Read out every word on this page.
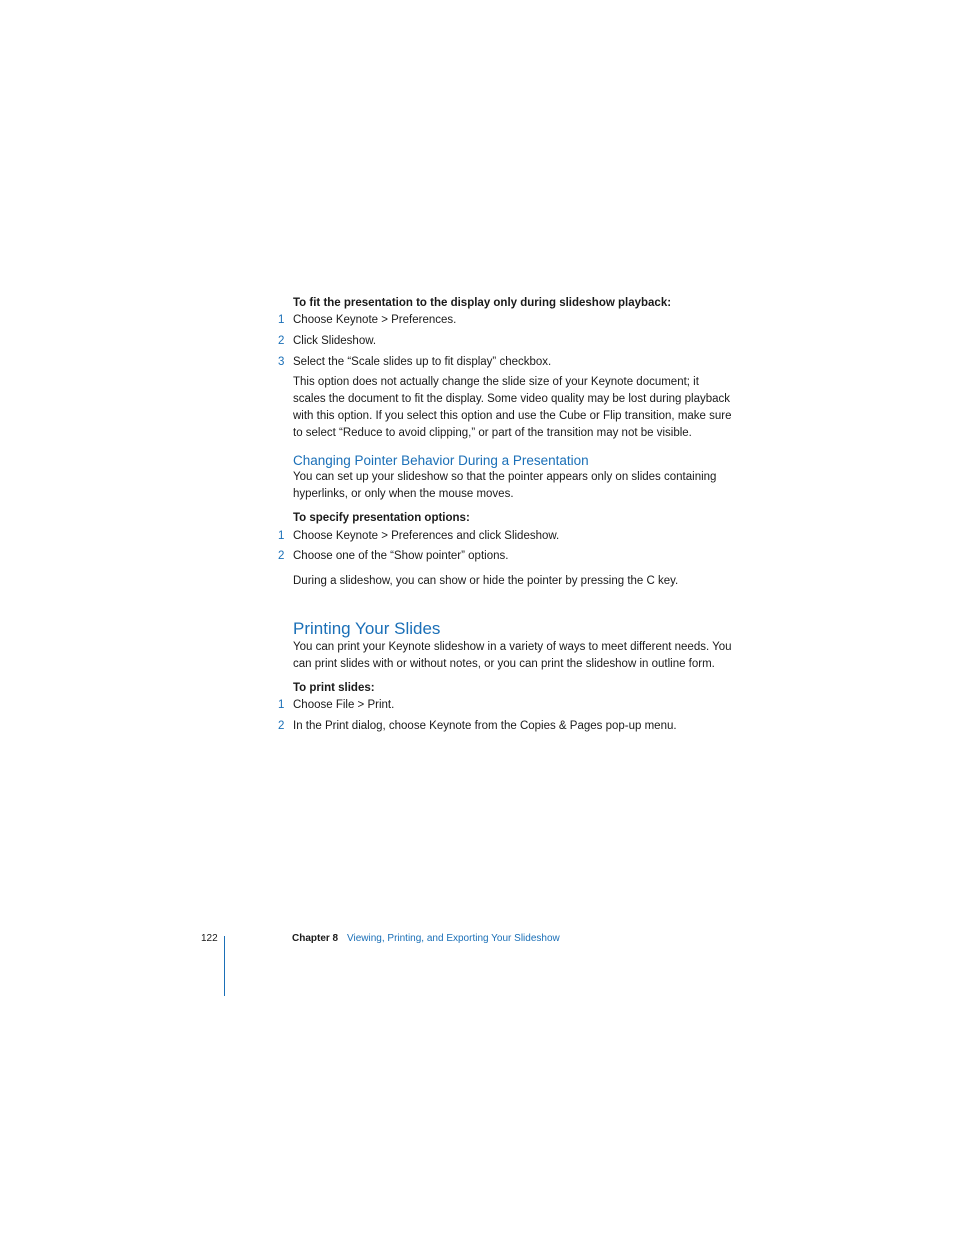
To fit the presentation to the display only during slideshow playback:

1 Choose Keynote > Preferences.

2 Click Slideshow.

3 Select the “Scale slides up to fit display” checkbox.

This option does not actually change the slide size of your Keynote document; it scales the document to fit the display. Some video quality may be lost during playback with this option. If you select this option and use the Cube or Flip transition, make sure to select “Reduce to avoid clipping,” or part of the transition may not be visible.

Changing Pointer Behavior During a Presentation

You can set up your slideshow so that the pointer appears only on slides containing hyperlinks, or only when the mouse moves.

To specify presentation options:

1 Choose Keynote > Preferences and click Slideshow.

2 Choose one of the “Show pointer” options.

During a slideshow, you can show or hide the pointer by pressing the C key.

Printing Your Slides

You can print your Keynote slideshow in a variety of ways to meet different needs. You can print slides with or without notes, or you can print the slideshow in outline form.

To print slides:

1 Choose File > Print.

2 In the Print dialog, choose Keynote from the Copies & Pages pop-up menu.

122	Chapter 8 Viewing, Printing, and Exporting Your Slideshow
